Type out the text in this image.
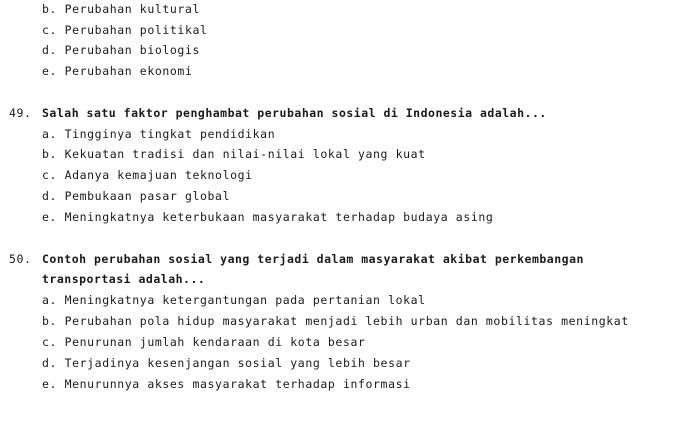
b. Perubahan kultural
c. Perubahan politikal
d. Perubahan biologis
e. Perubahan ekonomi
49. Salah satu faktor penghambat perubahan sosial di Indonesia adalah...
a. Tingginya tingkat pendidikan
b. Kekuatan tradisi dan nilai-nilai lokal yang kuat
c. Adanya kemajuan teknologi
d. Pembukaan pasar global
e. Meningkatnya keterbukaan masyarakat terhadap budaya asing
50. Contoh perubahan sosial yang terjadi dalam masyarakat akibat perkembangan
transportasi adalah...
a. Meningkatnya ketergantungan pada pertanian lokal
b. Perubahan pola hidup masyarakat menjadi lebih urban dan mobilitas meningkat
c. Penurunan jumlah kendaraan di kota besar
d. Terjadinya kesenjangan sosial yang lebih besar
e. Menurunnya akses masyarakat terhadap informasi
